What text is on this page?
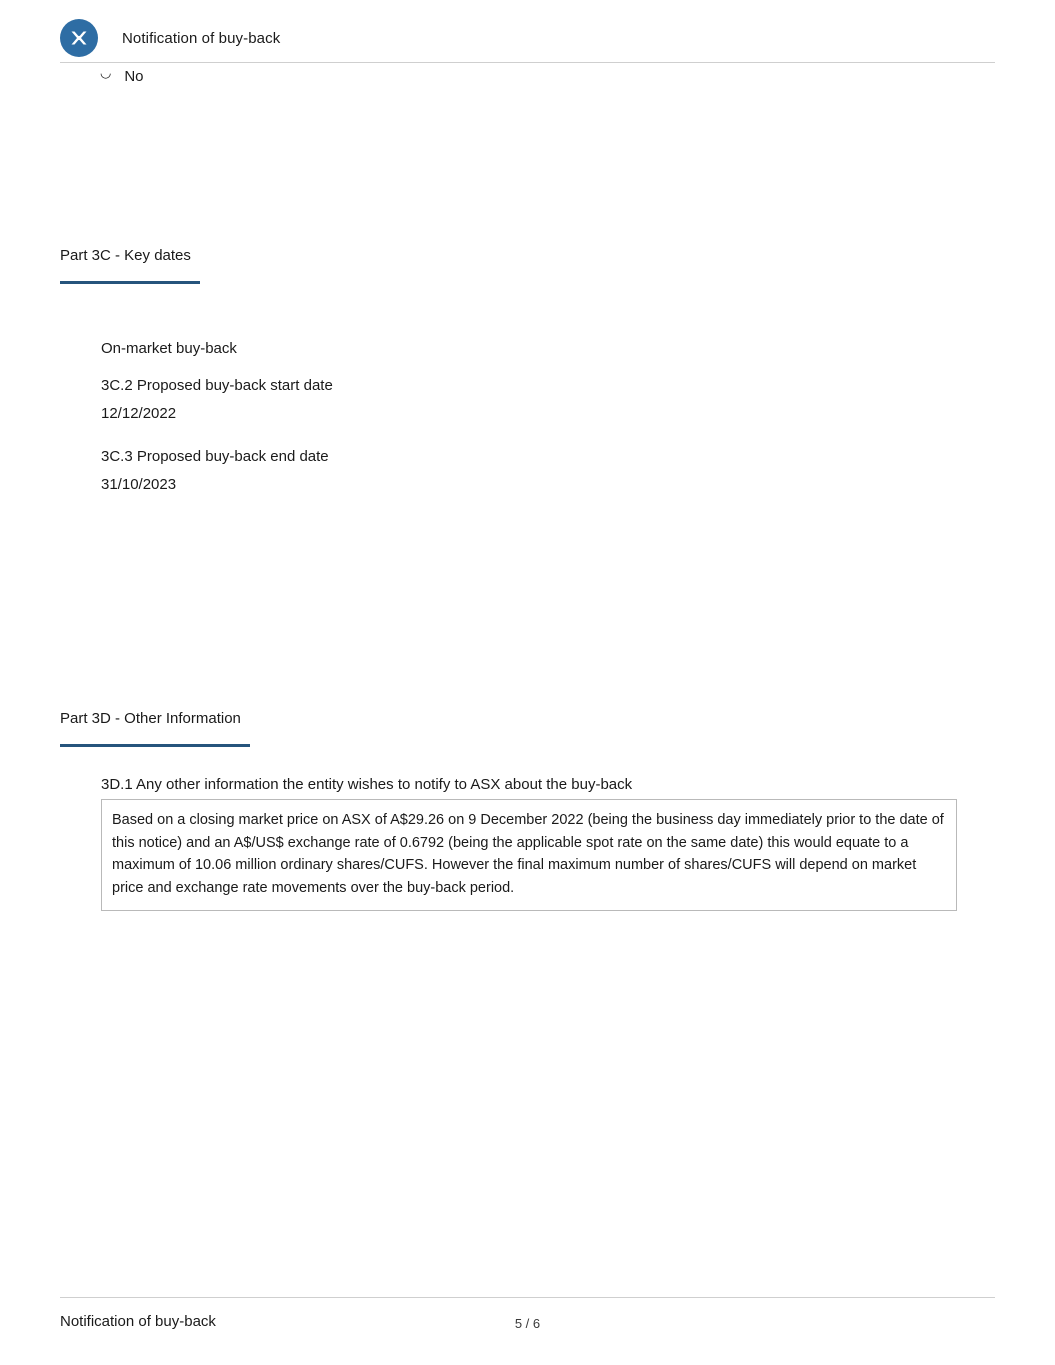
Notification of buy-back
◡ No
Part 3C - Key dates
On-market buy-back
3C.2 Proposed buy-back start date
12/12/2022
3C.3 Proposed buy-back end date
31/10/2023
Part 3D - Other Information
3D.1 Any other information the entity wishes to notify to ASX about the buy-back
Based on a closing market price on ASX of A$29.26 on 9 December 2022 (being the business day immediately prior to the date of this notice) and an A$/US$ exchange rate of 0.6792 (being the applicable spot rate on the same date) this would equate to a maximum of 10.06 million ordinary shares/CUFS. However the final maximum number of shares/CUFS will depend on market price and exchange rate movements over the buy-back period.
Notification of buy-back	5 / 6
